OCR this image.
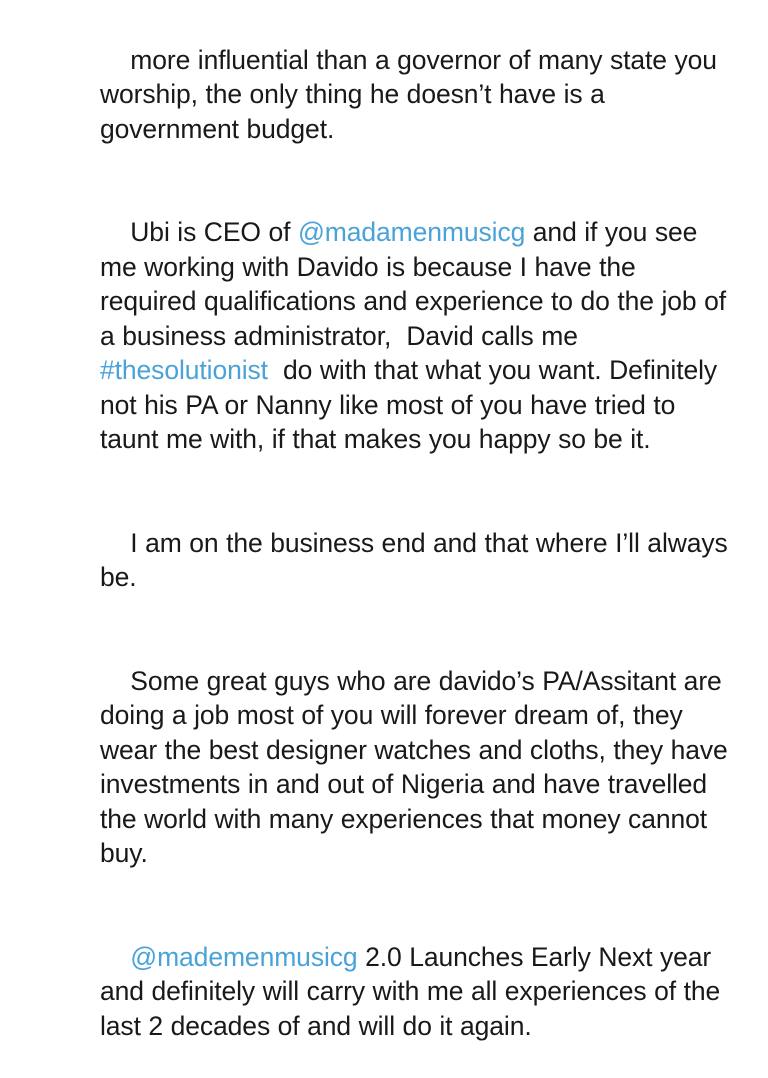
more influential than a governor of many state you worship, the only thing he doesn’t have is a government budget.

Ubi is CEO of @madamenmusicg and if you see me working with Davido is because I have the required qualifications and experience to do the job of a business administrator,  David calls me #thesolutionist  do with that what you want. Definitely not his PA or Nanny like most of you have tried to taunt me with, if that makes you happy so be it.

I am on the business end and that where I’ll always be.

Some great guys who are davido’s PA/Assitant are doing a job most of you will forever dream of, they wear the best designer watches and cloths, they have investments in and out of Nigeria and have travelled the world with many experiences that money cannot buy.

@mademenmusicg 2.0 Launches Early Next year and definitely will carry with me all experiences of the last 2 decades of and will do it again.
